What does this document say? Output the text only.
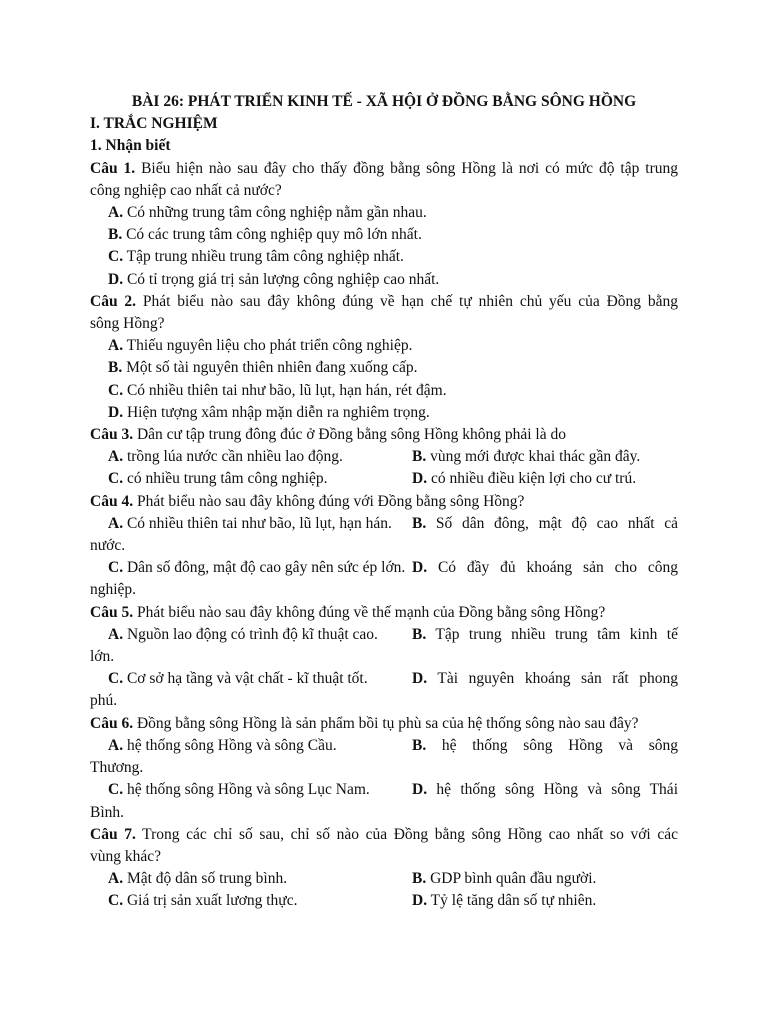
BÀI 26: PHÁT TRIỂN KINH TẾ - XÃ HỘI Ở ĐỒNG BẰNG SÔNG HỒNG
I. TRẮC NGHIỆM
1. Nhận biết
Câu 1. Biểu hiện nào sau đây cho thấy đồng bằng sông Hồng là nơi có mức độ tập trung
công nghiệp cao nhất cả nước?
A. Có những trung tâm công nghiệp nằm gần nhau.
B. Có các trung tâm công nghiệp quy mô lớn nhất.
C. Tập trung nhiều trung tâm công nghiệp nhất.
D. Có tỉ trọng giá trị sản lượng công nghiệp cao nhất.
Câu 2. Phát biểu nào sau đây không đúng về hạn chế tự nhiên chủ yếu của Đồng bằng
sông Hồng?
A. Thiếu nguyên liệu cho phát triển công nghiệp.
B. Một số tài nguyên thiên nhiên đang xuống cấp.
C. Có nhiều thiên tai như bão, lũ lụt, hạn hán, rét đậm.
D. Hiện tượng xâm nhập mặn diễn ra nghiêm trọng.
Câu 3. Dân cư tập trung đông đúc ở Đồng bằng sông Hồng không phải là do
A. trồng lúa nước cần nhiều lao động.	B. vùng mới được khai thác gần đây.
C. có nhiều trung tâm công nghiệp.	D. có nhiều điều kiện lợi cho cư trú.
Câu 4. Phát biểu nào sau đây không đúng với Đồng bằng sông Hồng?
A. Có nhiều thiên tai như bão, lũ lụt, hạn hán.	B. Số dân đông, mật độ cao nhất cả
nước.
C. Dân số đông, mật độ cao gây nên sức ép lớn. D. Có đầy đủ khoáng sản cho công
nghiệp.
Câu 5. Phát biểu nào sau đây không đúng về thế mạnh của Đồng bằng sông Hồng?
A. Nguồn lao động có trình độ kĩ thuật cao.	B. Tập trung nhiều trung tâm kinh tế
lớn.
C. Cơ sở hạ tầng và vật chất - kĩ thuật tốt.	D. Tài nguyên khoáng sản rất phong
phú.
Câu 6. Đồng bằng sông Hồng là sản phẩm bồi tụ phù sa của hệ thống sông nào sau đây?
A. hệ thống sông Hồng và sông Cầu.	B. hệ thống sông Hồng và sông
Thương.
C. hệ thống sông Hồng và sông Lục Nam.	D. hệ thống sông Hồng và sông Thái
Bình.
Câu 7. Trong các chỉ số sau, chỉ số nào của Đồng bằng sông Hồng cao nhất so với các
vùng khác?
A. Mật độ dân số trung bình.	B. GDP bình quân đầu người.
C. Giá trị sản xuất lương thực.	D. Tỷ lệ tăng dân số tự nhiên.
